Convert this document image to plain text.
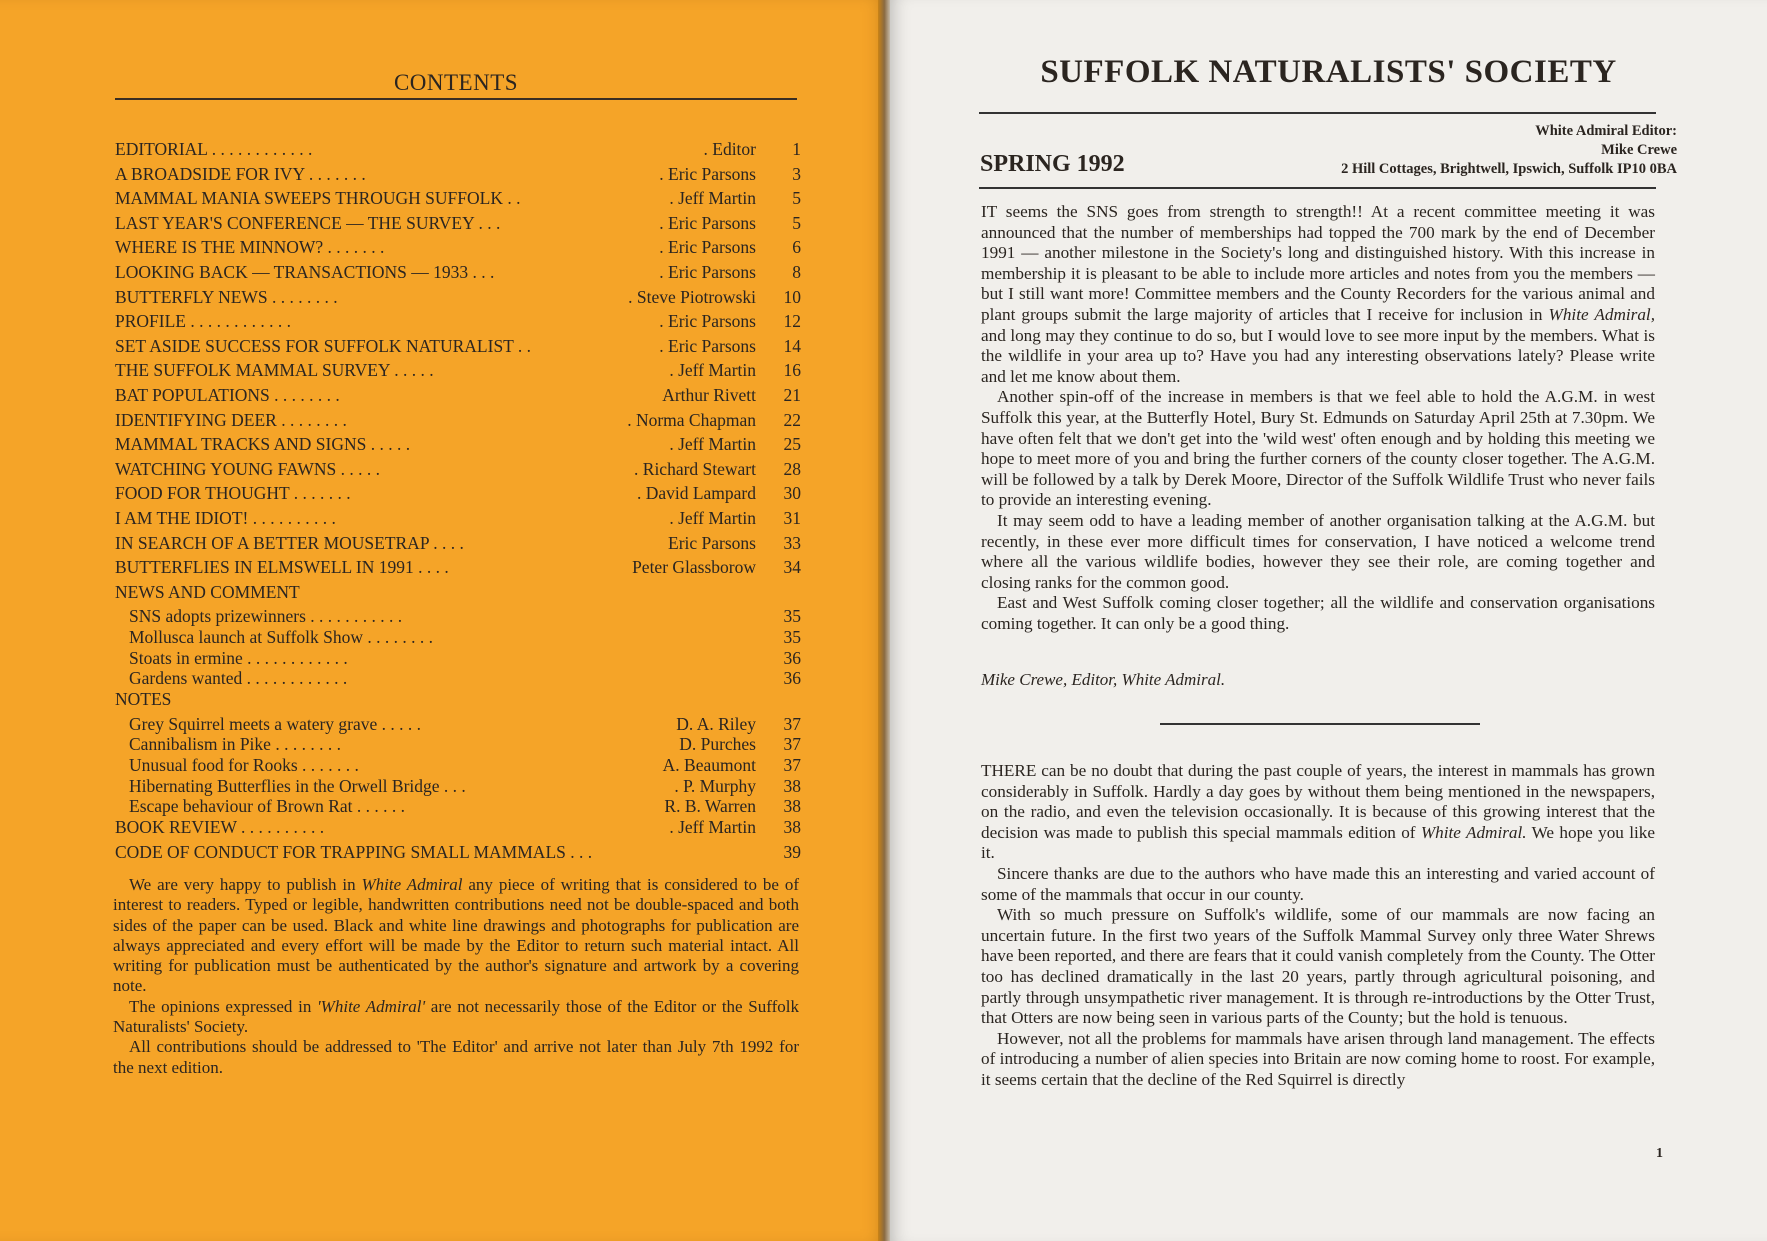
CONTENTS
EDITORIAL . . . . . . . . . . . .	. Editor	1
A BROADSIDE FOR IVY . . . . . . .	. Eric Parsons	3
MAMMAL MANIA SWEEPS THROUGH SUFFOLK . .	. Jeff Martin	5
LAST YEAR'S CONFERENCE — THE SURVEY . . .	. Eric Parsons	5
WHERE IS THE MINNOW? . . . . . . .	. Eric Parsons	6
LOOKING BACK — TRANSACTIONS — 1933 . . .	. Eric Parsons	8
BUTTERFLY NEWS . . . . . . . .	. Steve Piotrowski	10
PROFILE . . . . . . . . . . . .	. Eric Parsons	12
SET ASIDE SUCCESS FOR SUFFOLK NATURALIST . .	. Eric Parsons	14
THE SUFFOLK MAMMAL SURVEY . . . . .	. Jeff Martin	16
BAT POPULATIONS . . . . . . . .	Arthur Rivett	21
IDENTIFYING DEER . . . . . . . .	. Norma Chapman	22
MAMMAL TRACKS AND SIGNS . . . . .	. Jeff Martin	25
WATCHING YOUNG FAWNS . . . . .	. Richard Stewart	28
FOOD FOR THOUGHT . . . . . . .	. David Lampard	30
I AM THE IDIOT! . . . . . . . . . .	. Jeff Martin	31
IN SEARCH OF A BETTER MOUSETRAP . . . .	Eric Parsons	33
BUTTERFLIES IN ELMSWELL IN 1991 . . . .	Peter Glassborow	34
NEWS AND COMMENT
SNS adopts prizewinners . . . . . . . . . . .	35
Mollusca launch at Suffolk Show . . . . . . . .	35
Stoats in ermine . . . . . . . . . . . .	36
Gardens wanted . . . . . . . . . . . .	36
NOTES
Grey Squirrel meets a watery grave . . . . .	D. A. Riley	37
Cannibalism in Pike . . . . . . . .	D. Purches	37
Unusual food for Rooks . . . . . . .	A. Beaumont	37
Hibernating Butterflies in the Orwell Bridge . . .	. P. Murphy	38
Escape behaviour of Brown Rat . . . . . .	R. B. Warren	38
BOOK REVIEW . . . . . . . . . .	. Jeff Martin	38
CODE OF CONDUCT FOR TRAPPING SMALL MAMMALS . . .	39

We are very happy to publish in White Admiral any piece of writing that is considered to be of interest to readers. Typed or legible, handwritten contributions need not be double-spaced and both sides of the paper can be used. Black and white line drawings and photographs for publication are always appreciated and every effort will be made by the Editor to return such material intact. All writing for publication must be authenticated by the author's signature and artwork by a covering note.

The opinions expressed in 'White Admiral' are not necessarily those of the Editor or the Suffolk Naturalists' Society.

All contributions should be addressed to 'The Editor' and arrive not later than July 7th 1992 for the next edition.

SUFFOLK NATURALISTS' SOCIETY
SPRING 1992
White Admiral Editor:
Mike Crewe
2 Hill Cottages, Brightwell, Ipswich, Suffolk IP10 0BA

IT seems the SNS goes from strength to strength!! At a recent committee meeting it was announced that the number of memberships had topped the 700 mark by the end of December 1991 — another milestone in the Society's long and distinguished history. With this increase in membership it is pleasant to be able to include more articles and notes from you the members — but I still want more! Committee members and the County Recorders for the various animal and plant groups submit the large majority of articles that I receive for inclusion in White Admiral, and long may they continue to do so, but I would love to see more input by the members. What is the wildlife in your area up to? Have you had any interesting observations lately? Please write and let me know about them.

Another spin-off of the increase in members is that we feel able to hold the A.G.M. in west Suffolk this year, at the Butterfly Hotel, Bury St. Edmunds on Saturday April 25th at 7.30pm. We have often felt that we don't get into the 'wild west' often enough and by holding this meeting we hope to meet more of you and bring the further corners of the county closer together. The A.G.M. will be followed by a talk by Derek Moore, Director of the Suffolk Wildlife Trust who never fails to provide an interesting evening.

It may seem odd to have a leading member of another organisation talking at the A.G.M. but recently, in these ever more difficult times for conservation, I have noticed a welcome trend where all the various wildlife bodies, however they see their role, are coming together and closing ranks for the common good.

East and West Suffolk coming closer together; all the wildlife and conservation organisations coming together. It can only be a good thing.

Mike Crewe, Editor, White Admiral.

THERE can be no doubt that during the past couple of years, the interest in mammals has grown considerably in Suffolk. Hardly a day goes by without them being mentioned in the newspapers, on the radio, and even the television occasionally. It is because of this growing interest that the decision was made to publish this special mammals edition of White Admiral. We hope you like it.

Sincere thanks are due to the authors who have made this an interesting and varied account of some of the mammals that occur in our county.

With so much pressure on Suffolk's wildlife, some of our mammals are now facing an uncertain future. In the first two years of the Suffolk Mammal Survey only three Water Shrews have been reported, and there are fears that it could vanish completely from the County. The Otter too has declined dramatically in the last 20 years, partly through agricultural poisoning, and partly through unsympathetic river management. It is through re-introductions by the Otter Trust, that Otters are now being seen in various parts of the County; but the hold is tenuous.

However, not all the problems for mammals have arisen through land management. The effects of introducing a number of alien species into Britain are now coming home to roost. For example, it seems certain that the decline of the Red Squirrel is directly

1
